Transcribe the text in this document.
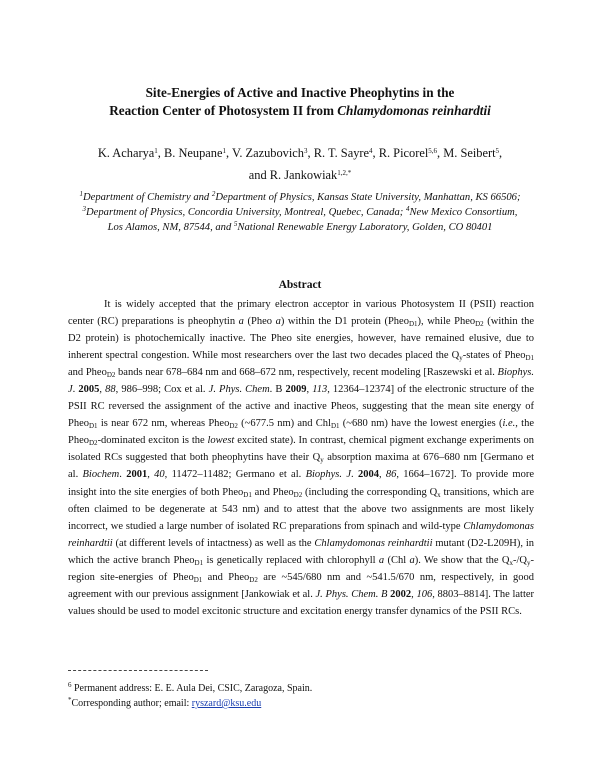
Site-Energies of Active and Inactive Pheophytins in the
Reaction Center of Photosystem II from Chlamydomonas reinhardtii
K. Acharya$^1$, B. Neupane$^1$, V. Zazubovich$^3$, R. T. Sayre$^4$, R. Picorel$^{5,6}$, M. Seibert$^5$,
and R. Jankowiak$^{1,2,*}$
$^1$Department of Chemistry and $^2$Department of Physics, Kansas State University, Manhattan, KS 66506; $^3$Department of Physics, Concordia University, Montreal, Quebec, Canada; $^4$New Mexico Consortium, Los Alamos, NM, 87544, and $^5$National Renewable Energy Laboratory, Golden, CO 80401
Abstract

It is widely accepted that the primary electron acceptor in various Photosystem II (PSII) reaction center (RC) preparations is pheophytin a (Pheo a) within the D1 protein (Pheo$_{D1}$), while Pheo$_{D2}$ (within the D2 protein) is photochemically inactive. The Pheo site energies, however, have remained elusive, due to inherent spectral congestion. While most researchers over the last two decades placed the $Q_y$-states of Pheo$_{D1}$ and Pheo$_{D2}$ bands near 678–684 nm and 668–672 nm, respectively, recent modeling [Raszewski et al. Biophys. J. 2005, 88, 986–998; Cox et al. J. Phys. Chem. B 2009, 113, 12364–12374] of the electronic structure of the PSII RC reversed the assignment of the active and inactive Pheos, suggesting that the mean site energy of Pheo$_{D1}$ is near 672 nm, whereas Pheo$_{D2}$ (~677.5 nm) and Chl$_{D1}$ (~680 nm) have the lowest energies (i.e., the Pheo$_{D2}$-dominated exciton is the lowest excited state). In contrast, chemical pigment exchange experiments on isolated RCs suggested that both pheophytins have their $Q_y$ absorption maxima at 676–680 nm [Germano et al. Biochem. 2001, 40, 11472–11482; Germano et al. Biophys. J. 2004, 86, 1664–1672]. To provide more insight into the site energies of both Pheo$_{D1}$ and Pheo$_{D2}$ (including the corresponding $Q_x$ transitions, which are often claimed to be degenerate at 543 nm) and to attest that the above two assignments are most likely incorrect, we studied a large number of isolated RC preparations from spinach and wild-type Chlamydomonas reinhardtii (at different levels of intactness) as well as the Chlamydomonas reinhardtii mutant (D2-L209H), in which the active branch Pheo$_{D1}$ is genetically replaced with chlorophyll a (Chl a). We show that the $Q_x-/Q_y$-region site-energies of Pheo$_{D1}$ and Pheo$_{D2}$ are ~545/680 nm and ~541.5/670 nm, respectively, in good agreement with our previous assignment [Jankowiak et al. J. Phys. Chem. B 2002, 106, 8803–8814]. The latter values should be used to model excitonic structure and excitation energy transfer dynamics of the PSII RCs.

$^6$ Permanent address: E. E. Aula Dei, CSIC, Zaragoza, Spain.
*Corresponding author; email: ryszard@ksu.edu
